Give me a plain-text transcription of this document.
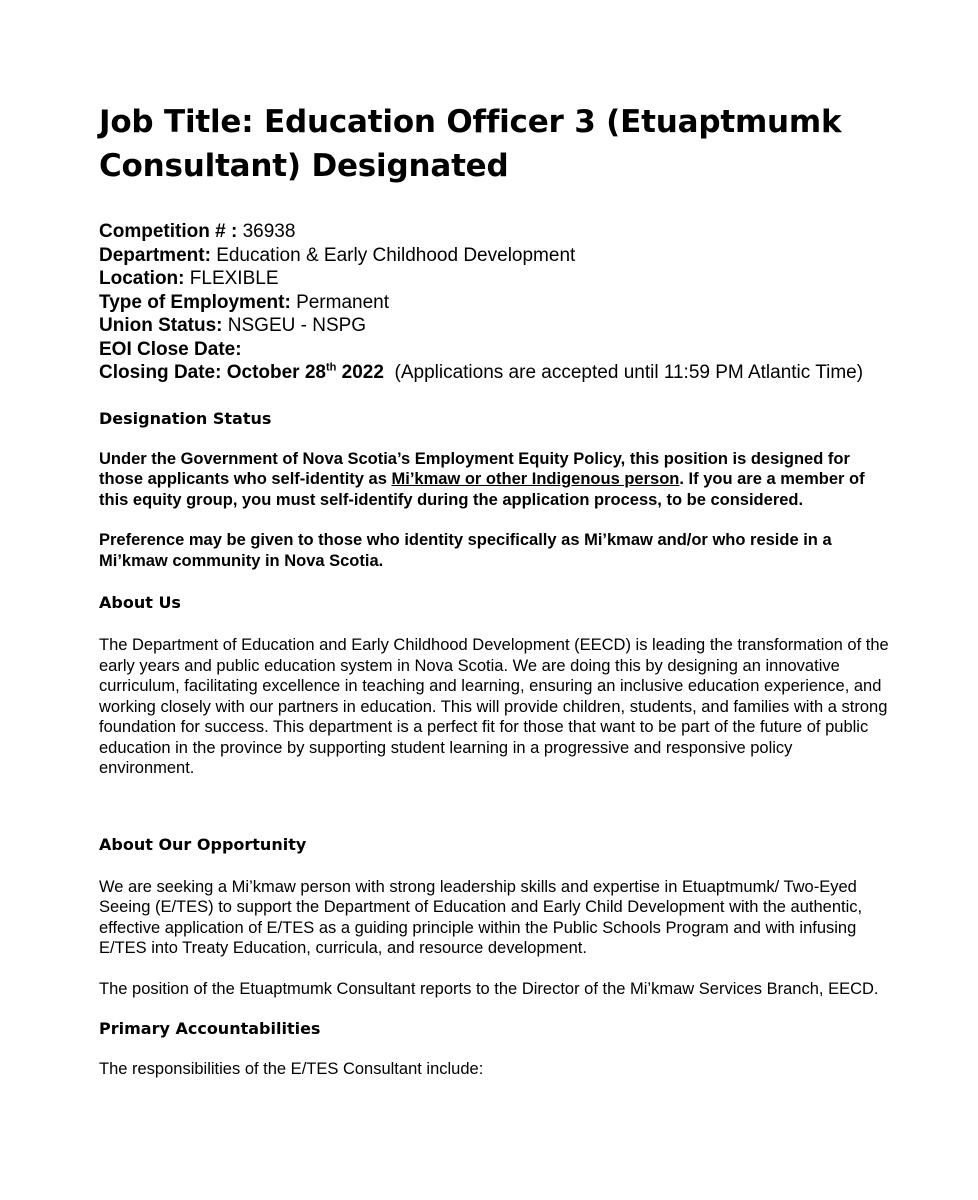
Job Title: Education Officer 3 (Etuaptmumk Consultant) Designated
Competition # : 36938
Department: Education & Early Childhood Development
Location: FLEXIBLE
Type of Employment: Permanent
Union Status: NSGEU - NSPG
EOI Close Date:
Closing Date: October 28th 2022 (Applications are accepted until 11:59 PM Atlantic Time)
Designation Status

Under the Government of Nova Scotia’s Employment Equity Policy, this position is designed for those applicants who self-identity as Mi’kmaw or other Indigenous person. If you are a member of this equity group, you must self-identify during the application process, to be considered.

Preference may be given to those who identity specifically as Mi’kmaw and/or who reside in a Mi’kmaw community in Nova Scotia.

About Us

The Department of Education and Early Childhood Development (EECD) is leading the transformation of the early years and public education system in Nova Scotia. We are doing this by designing an innovative curriculum, facilitating excellence in teaching and learning, ensuring an inclusive education experience, and working closely with our partners in education. This will provide children, students, and families with a strong foundation for success. This department is a perfect fit for those that want to be part of the future of public education in the province by supporting student learning in a progressive and responsive policy environment.

About Our Opportunity

We are seeking a Mi’kmaw person with strong leadership skills and expertise in Etuaptmumk/ Two-Eyed Seeing (E/TES) to support the Department of Education and Early Child Development with the authentic, effective application of E/TES as a guiding principle within the Public Schools Program and with infusing E/TES into Treaty Education, curricula, and resource development.

The position of the Etuaptmumk Consultant reports to the Director of the Mi’kmaw Services Branch, EECD.

Primary Accountabilities

The responsibilities of the E/TES Consultant include:
